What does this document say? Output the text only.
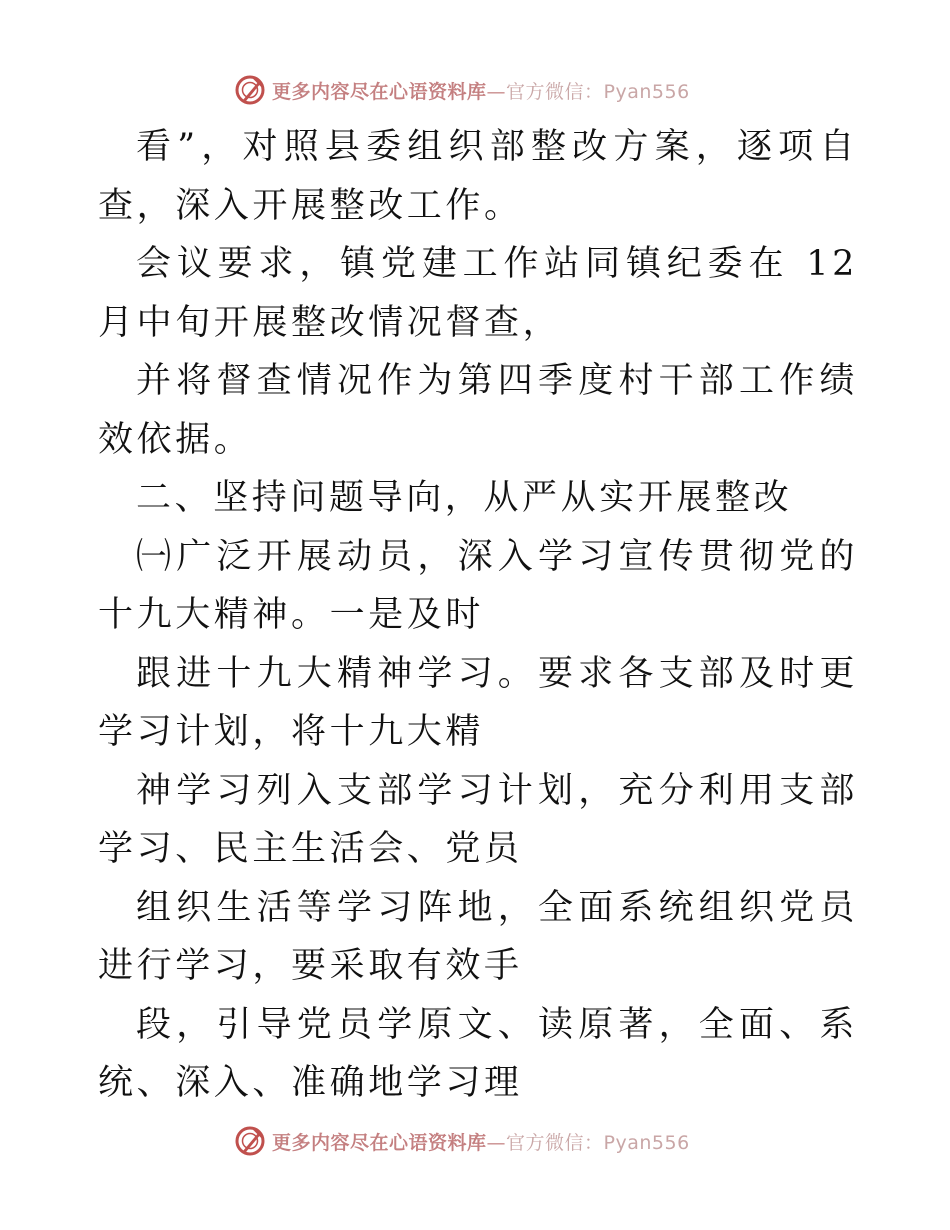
更多内容尽在心语资料库—官方微信：Pyan556

看”，对照县委组织部整改方案，逐项自查，深入开展整改工作。

会议要求，镇党建工作站同镇纪委在 12 月中旬开展整改情况督查，

并将督查情况作为第四季度村干部工作绩效依据。

二、坚持问题导向，从严从实开展整改

㈠广泛开展动员，深入学习宣传贯彻党的十九大精神。一是及时

跟进十九大精神学习。要求各支部及时更学习计划，将十九大精

神学习列入支部学习计划，充分利用支部学习、民主生活会、党员

组织生活等学习阵地，全面系统组织党员进行学习，要采取有效手

段，引导党员学原文、读原著，全面、系统、深入、准确地学习理

更多内容尽在心语资料库—官方微信：Pyan556
